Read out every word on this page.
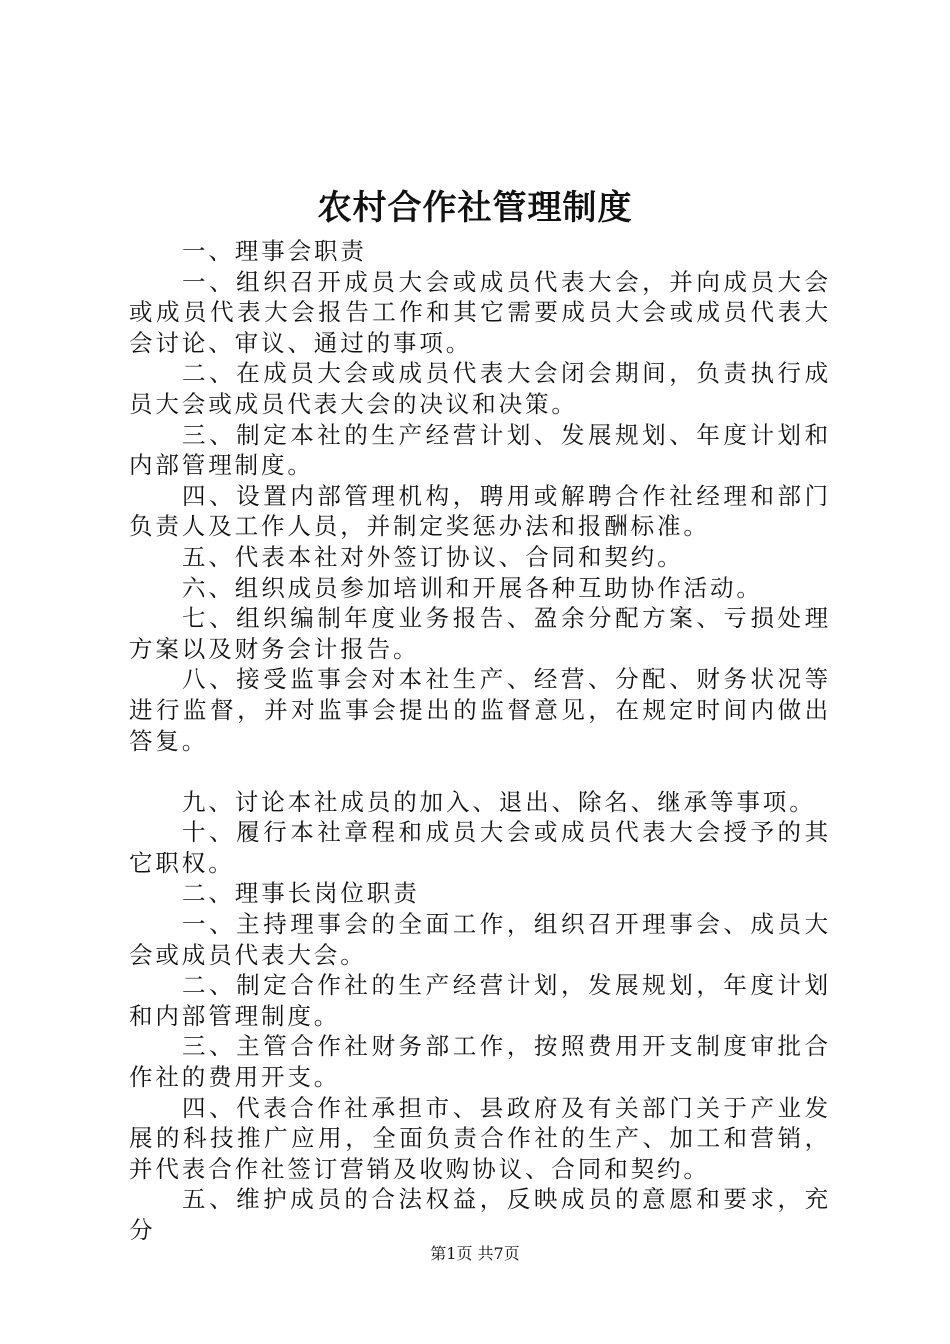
农村合作社管理制度

一、理事会职责

一、组织召开成员大会或成员代表大会，并向成员大会或成员代表大会报告工作和其它需要成员大会或成员代表大会讨论、审议、通过的事项。

二、在成员大会或成员代表大会闭会期间，负责执行成员大会或成员代表大会的决议和决策。

三、制定本社的生产经营计划、发展规划、年度计划和内部管理制度。

四、设置内部管理机构，聘用或解聘合作社经理和部门负责人及工作人员，并制定奖惩办法和报酬标准。

五、代表本社对外签订协议、合同和契约。

六、组织成员参加培训和开展各种互助协作活动。

七、组织编制年度业务报告、盈余分配方案、亏损处理方案以及财务会计报告。

八、接受监事会对本社生产、经营、分配、财务状况等进行监督，并对监事会提出的监督意见，在规定时间内做出答复。

九、讨论本社成员的加入、退出、除名、继承等事项。

十、履行本社章程和成员大会或成员代表大会授予的其它职权。

二、理事长岗位职责

一、主持理事会的全面工作，组织召开理事会、成员大会或成员代表大会。

二、制定合作社的生产经营计划，发展规划，年度计划和内部管理制度。

三、主管合作社财务部工作，按照费用开支制度审批合作社的费用开支。

四、代表合作社承担市、县政府及有关部门关于产业发展的科技推广应用，全面负责合作社的生产、加工和营销，并代表合作社签订营销及收购协议、合同和契约。

五、维护成员的合法权益，反映成员的意愿和要求，充分

第1页 共7页
